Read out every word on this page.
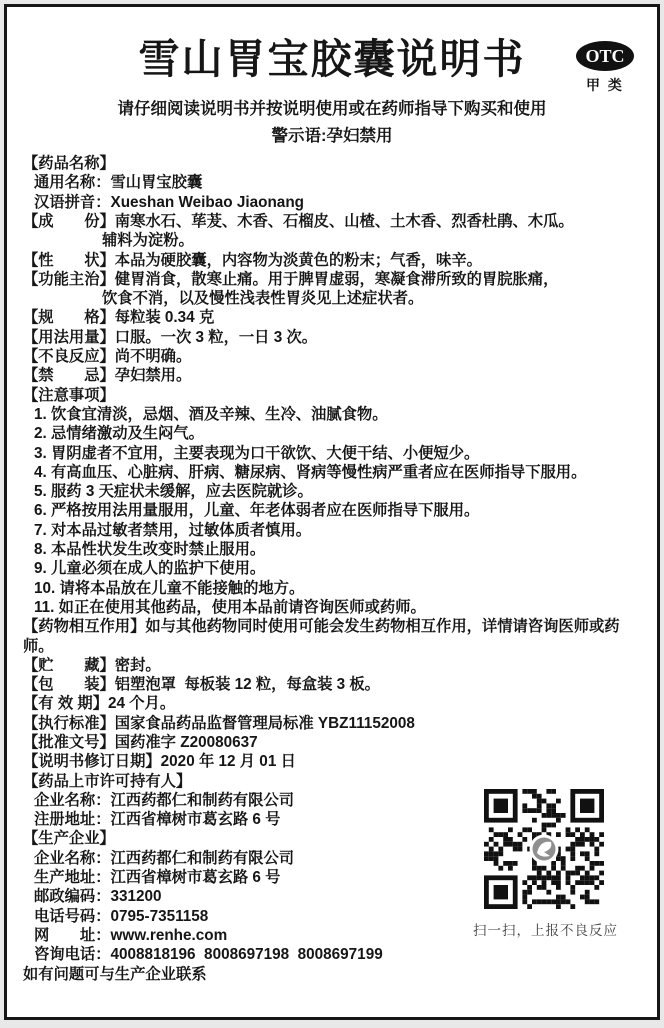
雪山胃宝胶囊说明书	OTC
甲 类
请仔细阅读说明书并按说明使用或在药师指导下购买和使用
警示语:孕妇禁用
【药品名称】
通用名称：雪山胃宝胶囊
汉语拼音：Xueshan Weibao Jiaonang
【成　　份】南寒水石、荜茇、木香、石榴皮、山楂、土木香、烈香杜鹃、木瓜。
辅料为淀粉。
【性　　状】本品为硬胶囊，内容物为淡黄色的粉末；气香，味辛。
【功能主治】健胃消食，散寒止痛。用于脾胃虚弱，寒凝食滞所致的胃脘胀痛，
饮食不消，以及慢性浅表性胃炎见上述症状者。
【规　　格】每粒装 0.34 克
【用法用量】口服。一次 3 粒，一日 3 次。
【不良反应】尚不明确。
【禁　　忌】孕妇禁用。
【注意事项】
1. 饮食宜清淡，忌烟、酒及辛辣、生冷、油腻食物。
2. 忌情绪激动及生闷气。
3. 胃阴虚者不宜用，主要表现为口干欲饮、大便干结、小便短少。
4. 有高血压、心脏病、肝病、糖尿病、肾病等慢性病严重者应在医师指导下服用。
5. 服药 3 天症状未缓解，应去医院就诊。
6. 严格按用法用量服用，儿童、年老体弱者应在医师指导下服用。
7. 对本品过敏者禁用，过敏体质者慎用。
8. 本品性状发生改变时禁止服用。
9. 儿童必须在成人的监护下使用。
10. 请将本品放在儿童不能接触的地方。
11. 如正在使用其他药品，使用本品前请咨询医师或药师。
【药物相互作用】如与其他药物同时使用可能会发生药物相互作用，详情请咨询医师或药师。
【贮　　藏】密封。
【包　　装】铝塑泡罩  每板装 12 粒，每盒装 3 板。
【有 效 期】24 个月。
【执行标准】国家食品药品监督管理局标准 YBZ11152008
【批准文号】国药准字 Z20080637
【说明书修订日期】2020 年 12 月 01 日
【药品上市许可持有人】
企业名称：江西药都仁和制药有限公司
注册地址：江西省樟树市葛玄路 6 号
【生产企业】
企业名称：江西药都仁和制药有限公司
生产地址：江西省樟树市葛玄路 6 号
邮政编码：331200
电话号码：0795-7351158
网　　址：www.renhe.com
咨询电话：4008818196  8008697198  8008697199
如有问题可与生产企业联系
扫一扫，上报不良反应
